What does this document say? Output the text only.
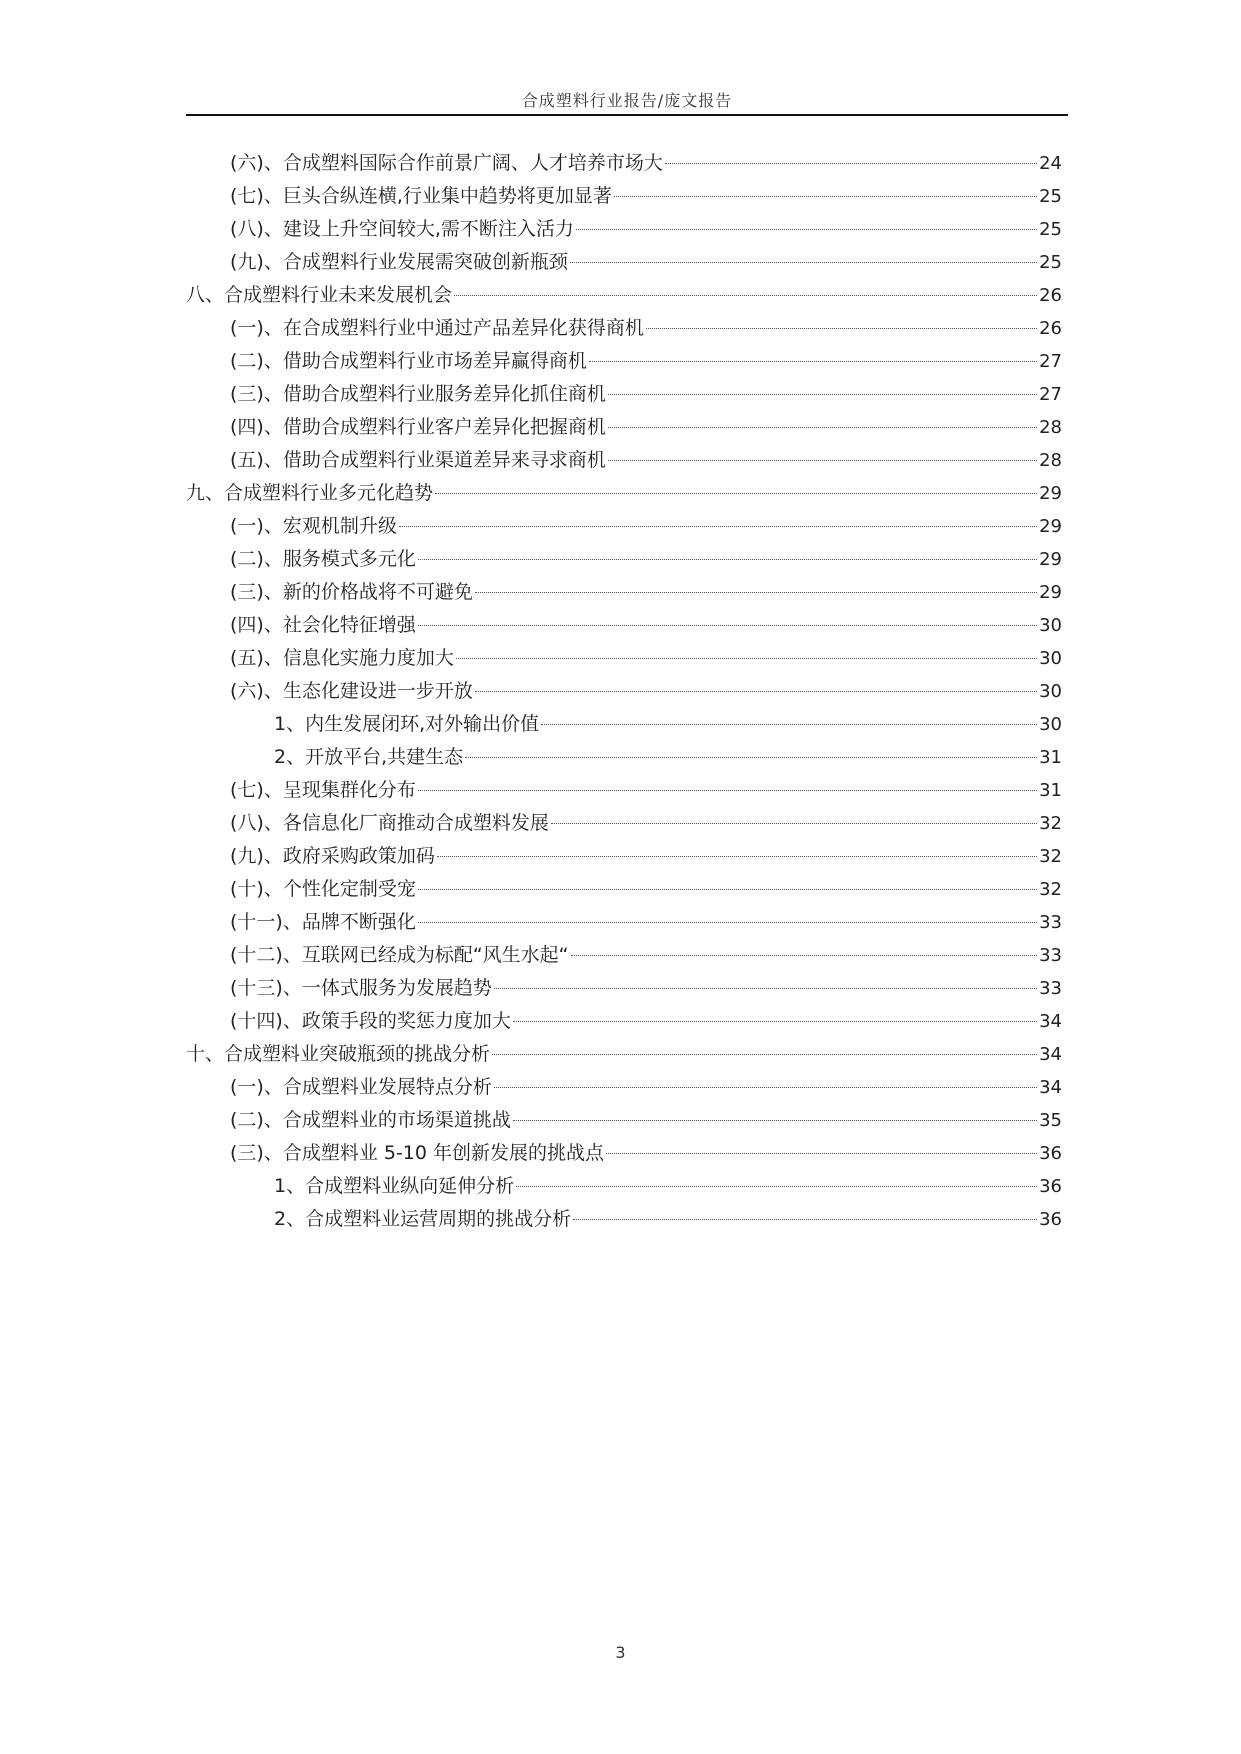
合成塑料行业报告/庞文报告
(六)、合成塑料国际合作前景广阔、人才培养市场大	24
(七)、巨头合纵连横,行业集中趋势将更加显著	25
(八)、建设上升空间较大,需不断注入活力	25
(九)、合成塑料行业发展需突破创新瓶颈	25
八、合成塑料行业未来发展机会	26
(一)、在合成塑料行业中通过产品差异化获得商机	26
(二)、借助合成塑料行业市场差异赢得商机	27
(三)、借助合成塑料行业服务差异化抓住商机	27
(四)、借助合成塑料行业客户差异化把握商机	28
(五)、借助合成塑料行业渠道差异来寻求商机	28
九、合成塑料行业多元化趋势	29
(一)、宏观机制升级	29
(二)、服务模式多元化	29
(三)、新的价格战将不可避免	29
(四)、社会化特征增强	30
(五)、信息化实施力度加大	30
(六)、生态化建设进一步开放	30
1、内生发展闭环,对外输出价值	30
2、开放平台,共建生态	31
(七)、呈现集群化分布	31
(八)、各信息化厂商推动合成塑料发展	32
(九)、政府采购政策加码	32
(十)、个性化定制受宠	32
(十一)、品牌不断强化	33
(十二)、互联网已经成为标配“风生水起“	33
(十三)、一体式服务为发展趋势	33
(十四)、政策手段的奖惩力度加大	34
十、合成塑料业突破瓶颈的挑战分析	34
(一)、合成塑料业发展特点分析	34
(二)、合成塑料业的市场渠道挑战	35
(三)、合成塑料业 5-10 年创新发展的挑战点	36
1、合成塑料业纵向延伸分析	36
2、合成塑料业运营周期的挑战分析	36
3
